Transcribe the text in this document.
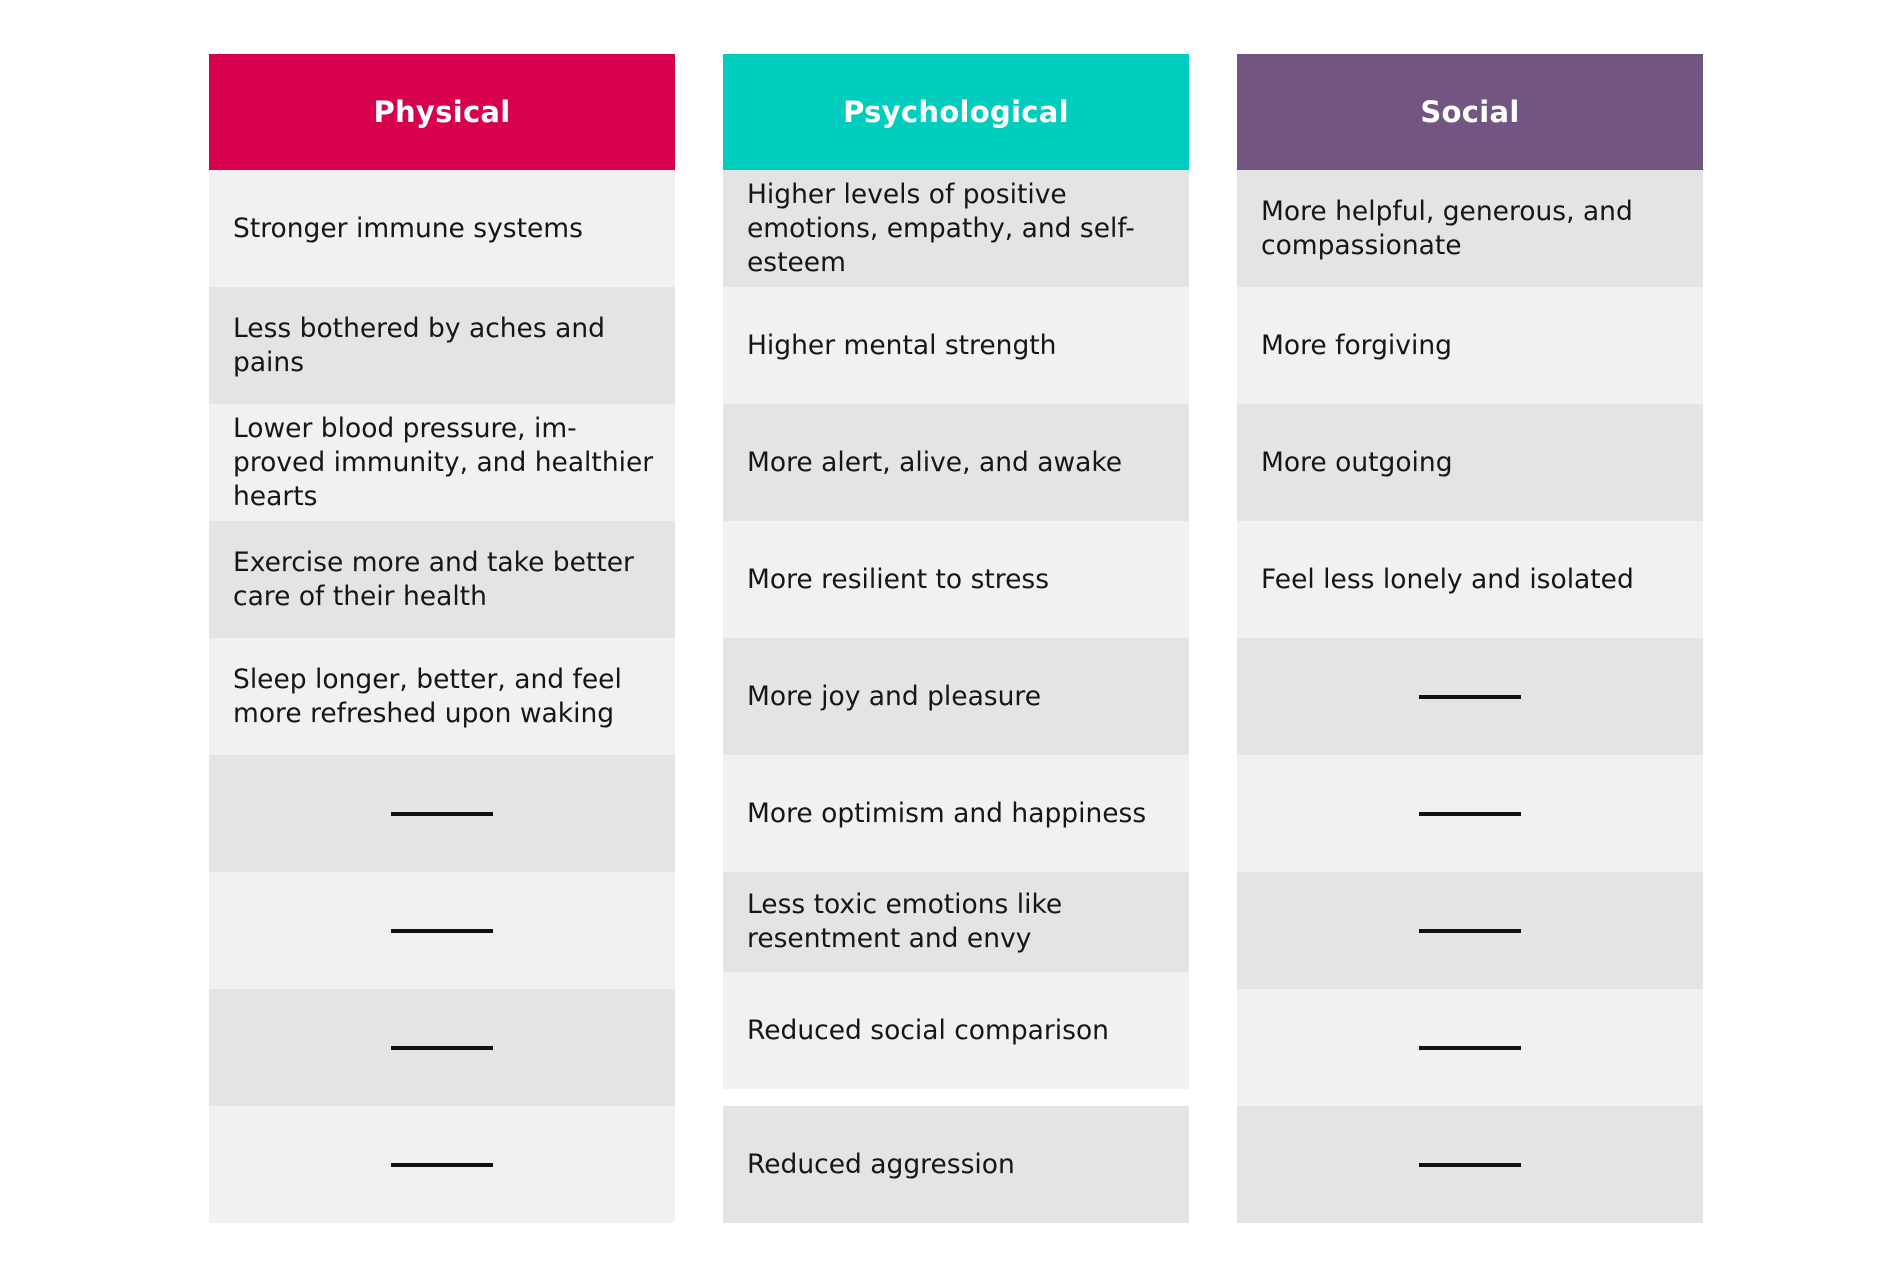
Physical
Stronger immune systems
Less bothered by aches and pains
Lower blood pressure, im-proved immunity, and healthier hearts
Exercise more and take better care of their health
Sleep longer, better, and feel more refreshed upon waking
Psychological
Higher levels of positive emotions, empathy, and self-esteem
Higher mental strength
More alert, alive, and awake
More resilient to stress
More joy and pleasure
More optimism and happiness
Less toxic emotions like resentment and envy
Reduced social comparison
Reduced aggression
Social
More helpful, generous, and compassionate
More forgiving
More outgoing
Feel less lonely and isolated
